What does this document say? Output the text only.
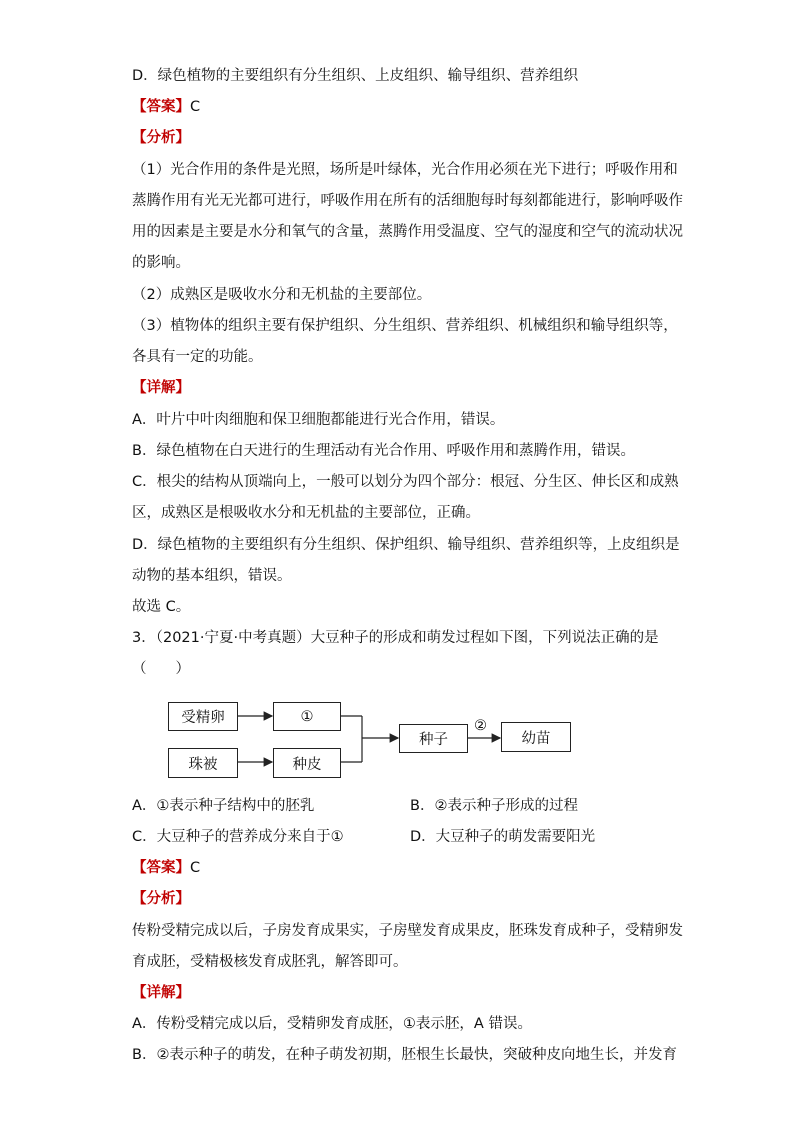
D．绿色植物的主要组织有分生组织、上皮组织、输导组织、营养组织
【答案】C
【分析】
（1）光合作用的条件是光照，场所是叶绿体，光合作用必须在光下进行；呼吸作用和
蒸腾作用有光无光都可进行，呼吸作用在所有的活细胞每时每刻都能进行，影响呼吸作
用的因素是主要是水分和氧气的含量，蒸腾作用受温度、空气的湿度和空气的流动状况
的影响。
（2）成熟区是吸收水分和无机盐的主要部位。
（3）植物体的组织主要有保护组织、分生组织、营养组织、机械组织和输导组织等，
各具有一定的功能。
【详解】
A．叶片中叶肉细胞和保卫细胞都能进行光合作用，错误。
B．绿色植物在白天进行的生理活动有光合作用、呼吸作用和蒸腾作用，错误。
C．根尖的结构从顶端向上，一般可以划分为四个部分：根冠、分生区、伸长区和成熟
区，成熟区是根吸收水分和无机盐的主要部位，正确。
D．绿色植物的主要组织有分生组织、保护组织、输导组织、营养组织等，上皮组织是
动物的基本组织，错误。
故选 C。
3．（2021·宁夏·中考真题）大豆种子的形成和萌发过程如下图，下列说法正确的是
（　　）
受精卵	①
珠被	种皮
种子
②
幼苗
A．①表示种子结构中的胚乳	B．②表示种子形成的过程
C．大豆种子的营养成分来自于①	D．大豆种子的萌发需要阳光
【答案】C
【分析】
传粉受精完成以后，子房发育成果实，子房壁发育成果皮，胚珠发育成种子，受精卵发
育成胚，受精极核发育成胚乳，解答即可。
【详解】
A．传粉受精完成以后，受精卵发育成胚，①表示胚，A 错误。
B．②表示种子的萌发，在种子萌发初期，胚根生长最快，突破种皮向地生长，并发育
